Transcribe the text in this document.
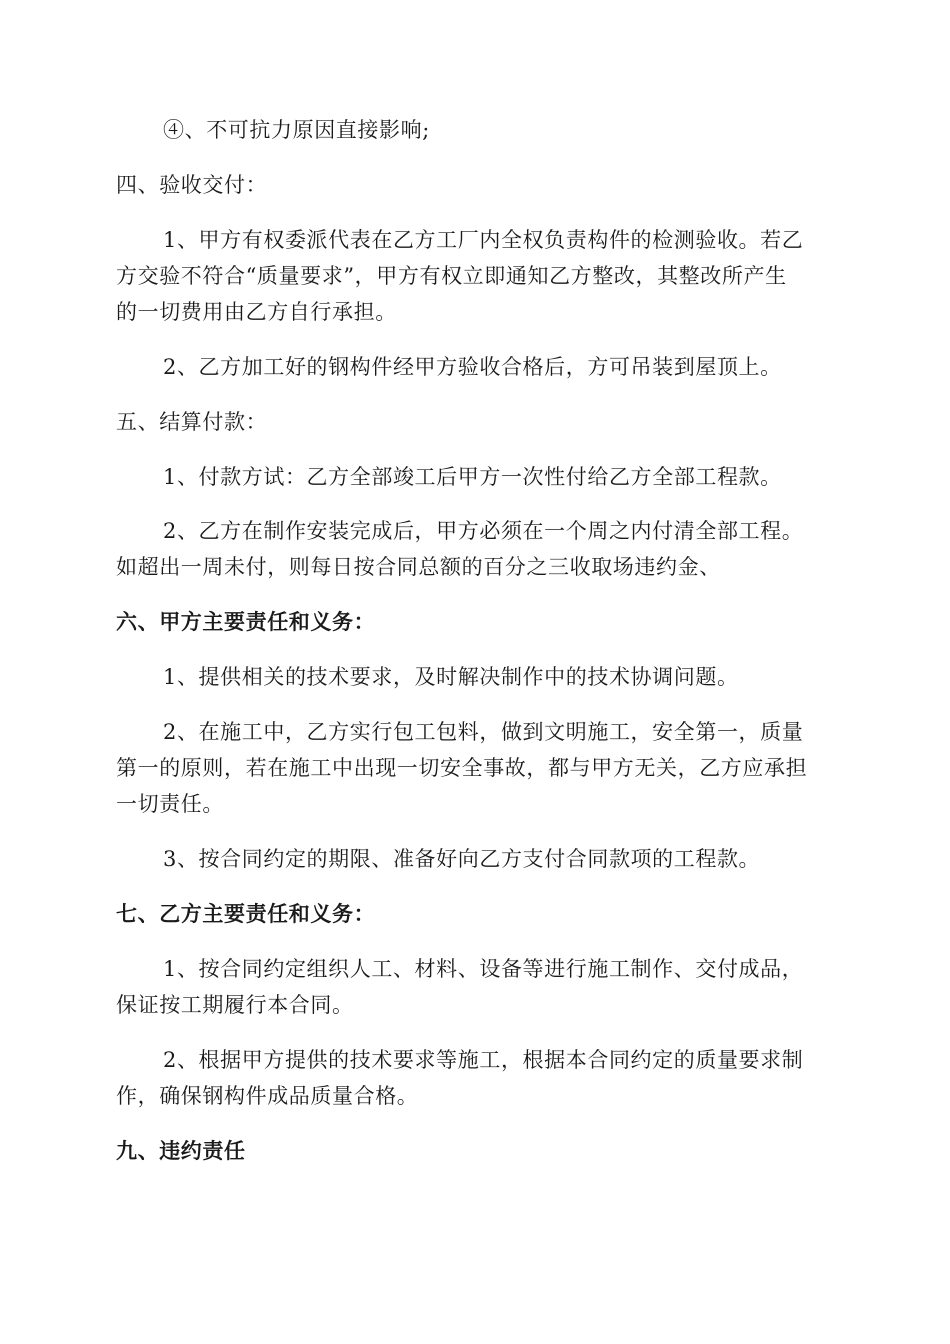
④、不可抗力原因直接影响;
四、验收交付：
1、甲方有权委派代表在乙方工厂内全权负责构件的检测验收。若乙
方交验不符合“质量要求”，甲方有权立即通知乙方整改，其整改所产生
的一切费用由乙方自行承担。
2、乙方加工好的钢构件经甲方验收合格后，方可吊装到屋顶上。
五、结算付款：
1、付款方试：乙方全部竣工后甲方一次性付给乙方全部工程款。
2、乙方在制作安装完成后，甲方必须在一个周之内付清全部工程。
如超出一周未付，则每日按合同总额的百分之三收取场违约金、
六、甲方主要责任和义务：
1、提供相关的技术要求，及时解决制作中的技术协调问题。
2、在施工中，乙方实行包工包料，做到文明施工，安全第一，质量
第一的原则，若在施工中出现一切安全事故，都与甲方无关，乙方应承担
一切责任。
3、按合同约定的期限、准备好向乙方支付合同款项的工程款。
七、乙方主要责任和义务：
1、按合同约定组织人工、材料、设备等进行施工制作、交付成品，
保证按工期履行本合同。
2、根据甲方提供的技术要求等施工，根据本合同约定的质量要求制
作，确保钢构件成品质量合格。
九、违约责任
